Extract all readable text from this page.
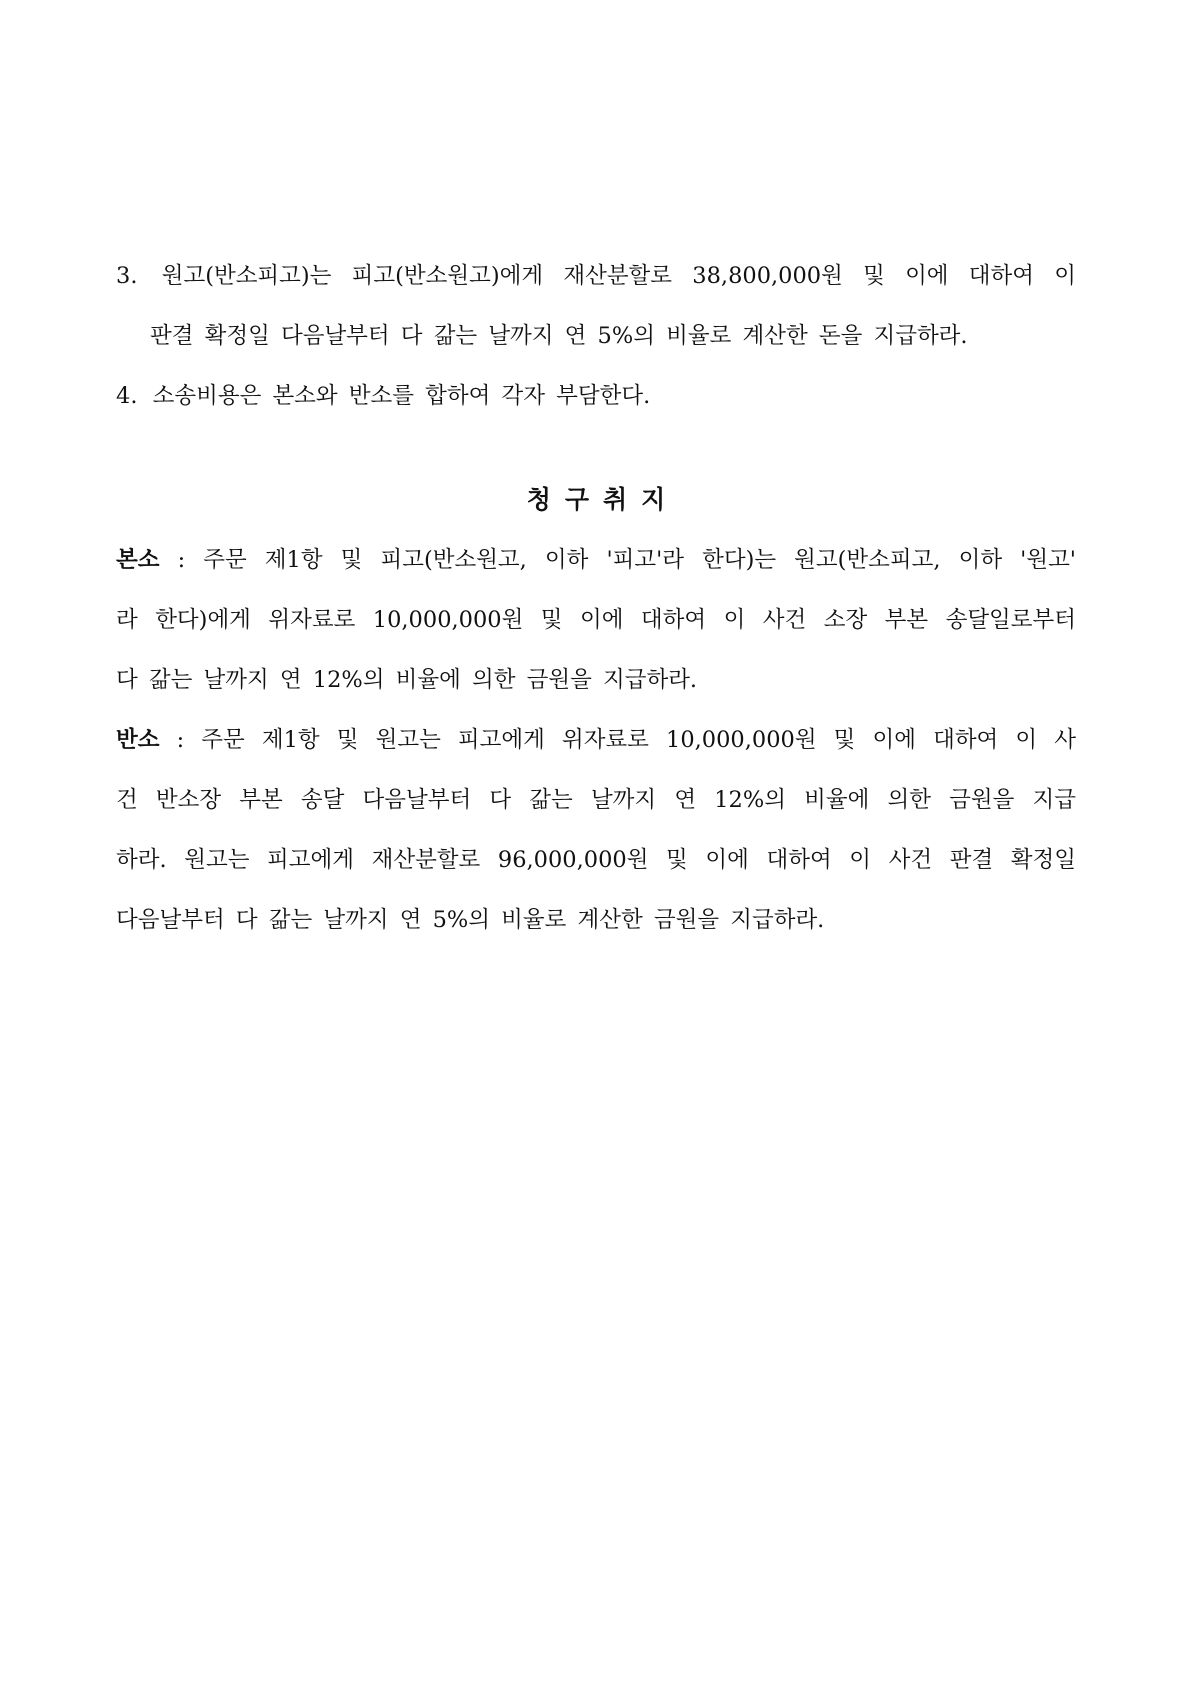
3. 원고(반소피고)는 피고(반소원고)에게 재산분할로 38,800,000원 및 이에 대하여 이
판결 확정일 다음날부터 다 갊는 날까지 연 5%의 비율로 계산한 돈을 지급하라.
4. 소송비용은 본소와 반소를 합하여 각자 부담한다.
청구취지
본소 : 주문 제1항 및 피고(반소원고, 이하 '피고'라 한다)는 원고(반소피고, 이하 '원고'
라 한다)에게 위자료로 10,000,000원 및 이에 대하여 이 사건 소장 부본 송달일로부터
다 갊는 날까지 연 12%의 비율에 의한 금원을 지급하라.
반소 : 주문 제1항 및 원고는 피고에게 위자료로 10,000,000원 및 이에 대하여 이 사
건 반소장 부본 송달 다음날부터 다 갊는 날까지 연 12%의 비율에 의한 금원을 지급
하라. 원고는 피고에게 재산분할로 96,000,000원 및 이에 대하여 이 사건 판결 확정일
다음날부터 다 갊는 날까지 연 5%의 비율로 계산한 금원을 지급하라.
